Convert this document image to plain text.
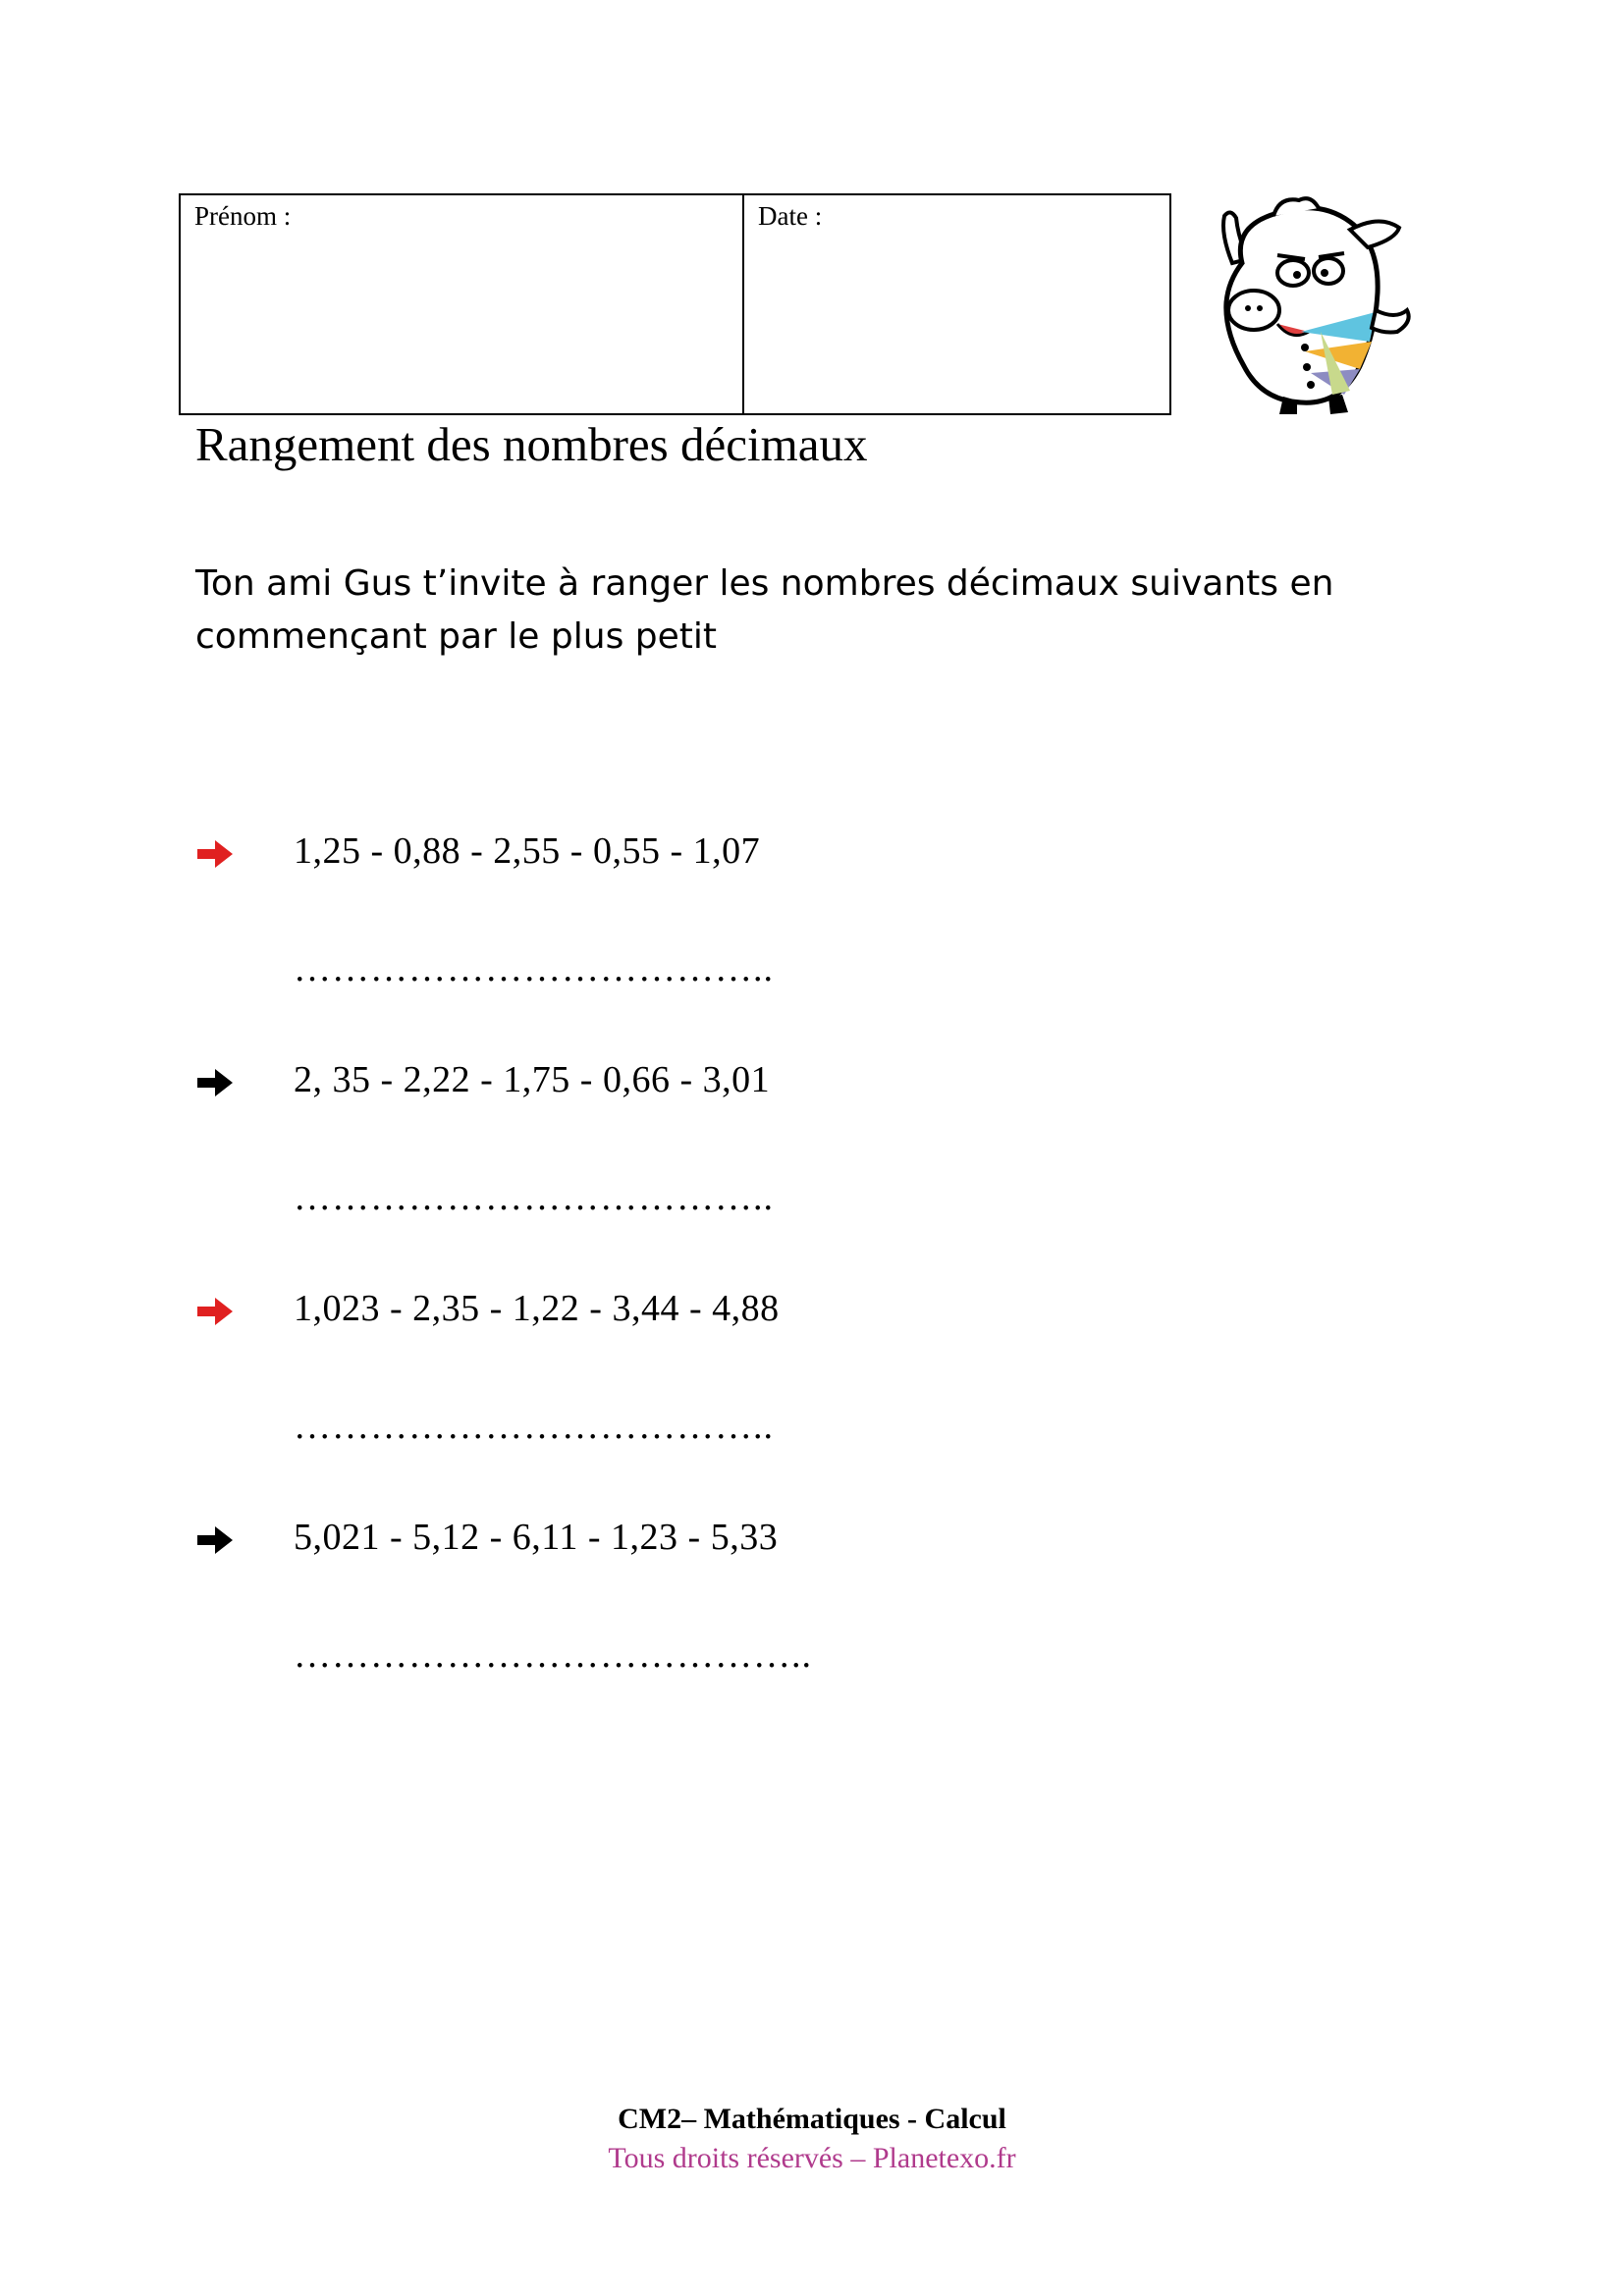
Prénom :	Date :
Rangement des nombres décimaux
Ton ami Gus t’invite à ranger les nombres décimaux suivants en commençant par le plus petit
1,25 - 0,88 - 2,55 - 0,55 - 1,07
………………………………..
2, 35 - 2,22 - 1,75 - 0,66 - 3,01
………………………………..
1,023 - 2,35 - 1,22 - 3,44 - 4,88
………………………………..
5,021 - 5,12 - 6,11 - 1,23 - 5,33
…………………………………..
CM2– Mathématiques - Calcul
Tous droits réservés – Planetexo.fr
